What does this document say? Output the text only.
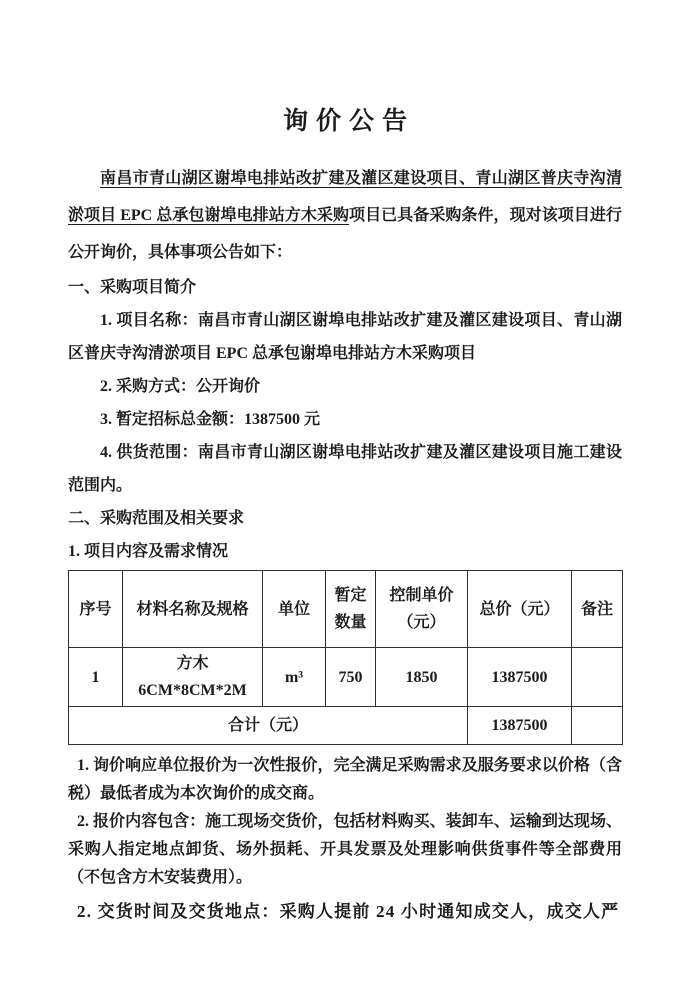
询价公告

南昌市青山湖区谢埠电排站改扩建及灌区建设项目、青山湖区普庆寺沟清淤项目 EPC 总承包谢埠电排站方木采购项目已具备采购条件，现对该项目进行公开询价，具体事项公告如下：

一、采购项目简介

1. 项目名称：南昌市青山湖区谢埠电排站改扩建及灌区建设项目、青山湖区普庆寺沟清淤项目 EPC 总承包谢埠电排站方木采购项目

2. 采购方式：公开询价

3. 暂定招标总金额：1387500 元

4. 供货范围：南昌市青山湖区谢埠电排站改扩建及灌区建设项目施工建设范围内。

二、采购范围及相关要求

1. 项目内容及需求情况

序号	材料名称及规格	单位	暂定数量	控制单价（元）	总价（元）	备注
1	方木 6CM*8CM*2M	m³	750	1850	1387500	
合计（元）					1387500	

1. 询价响应单位报价为一次性报价，完全满足采购需求及服务要求以价格（含税）最低者成为本次询价的成交商。

2. 报价内容包含：施工现场交货价，包括材料购买、装卸车、运输到达现场、采购人指定地点卸货、场外损耗、开具发票及处理影响供货事件等全部费用（不包含方木安装费用）。

2. 交货时间及交货地点：采购人提前 24 小时通知成交人，成交人严
